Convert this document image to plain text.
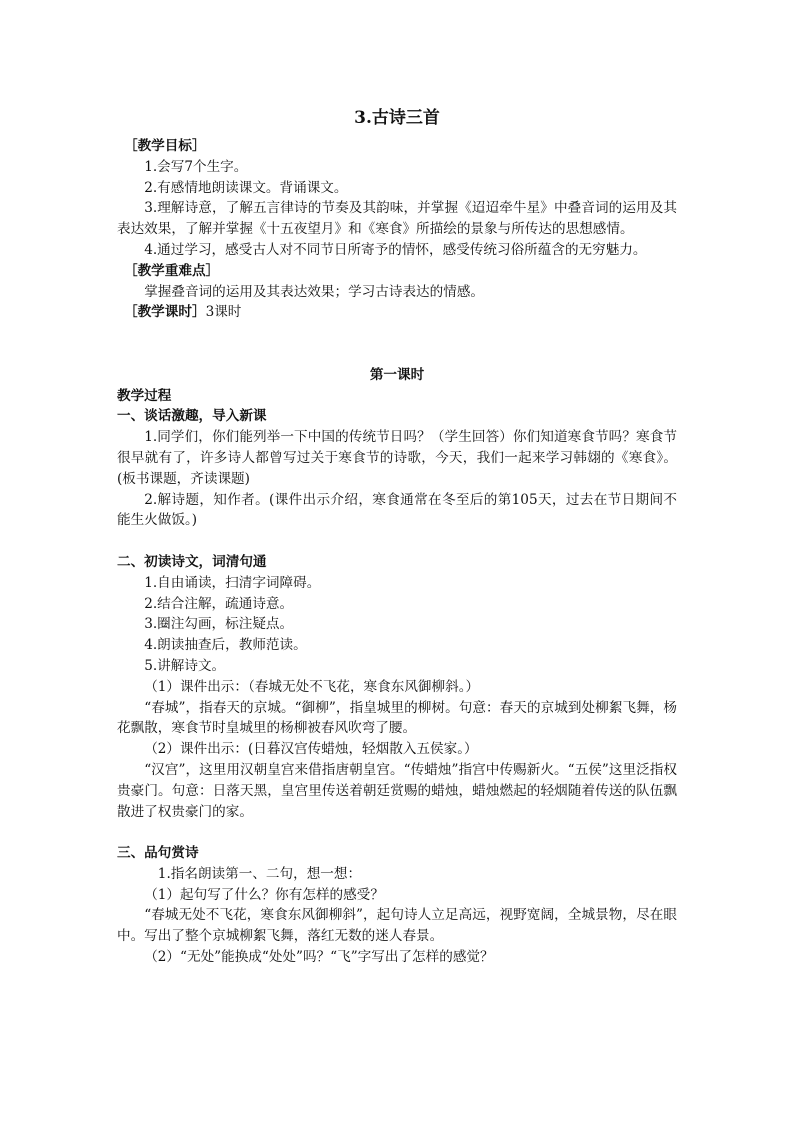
3.古诗三首
［教学目标］

1.会写7个生字。

2.有感情地朗读课文。背诵课文。

3.理解诗意，了解五言律诗的节奏及其韵味，并掌握《迢迢牵牛星》中叠音词的运用及其表达效果，了解并掌握《十五夜望月》和《寒食》所描绘的景象与所传达的思想感情。

4.通过学习，感受古人对不同节日所寄予的情怀，感受传统习俗所蕴含的无穷魅力。

［教学重难点］

掌握叠音词的运用及其表达效果；学习古诗表达的情感。

［教学课时］3课时
第一课时
教学过程
一、谈话激趣，导入新课

1.同学们，你们能列举一下中国的传统节日吗？（学生回答）你们知道寒食节吗？寒食节很早就有了，许多诗人都曾写过关于寒食节的诗歌，今天，我们一起来学习韩翃的《寒食》。(板书课题，齐读课题)

2.解诗题，知作者。(课件出示介绍，寒食通常在冬至后的第105天，过去在节日期间不能生火做饭。)

二、初读诗文，词清句通

1.自由诵读，扫清字词障碍。

2.结合注解，疏通诗意。

3.圈注勾画，标注疑点。

4.朗读抽查后，教师范读。

5.讲解诗文。

（1）课件出示：（春城无处不飞花，寒食东风御柳斜。）

“春城”，指春天的京城。“御柳”，指皇城里的柳树。句意：春天的京城到处柳絮飞舞，杨花飘散，寒食节时皇城里的杨柳被春风吹弯了腰。

（2）课件出示：(日暮汉宫传蜡烛，轻烟散入五侯家。）

“汉宫”，这里用汉朝皇宫来借指唐朝皇宫。“传蜡烛”指宫中传赐新火。“五侯”这里泛指权贵豪门。句意：日落天黑，皇宫里传送着朝廷赏赐的蜡烛，蜡烛燃起的轻烟随着传送的队伍飘散进了权贵豪门的家。

三、品句赏诗

1.指名朗读第一、二句，想一想：

（1）起句写了什么？你有怎样的感受？

“春城无处不飞花，寒食东风御柳斜”，起句诗人立足高远，视野宽阔，全城景物，尽在眼中。写出了整个京城柳絮飞舞，落红无数的迷人春景。

（2）“无处”能换成“处处”吗？“飞”字写出了怎样的感觉？
